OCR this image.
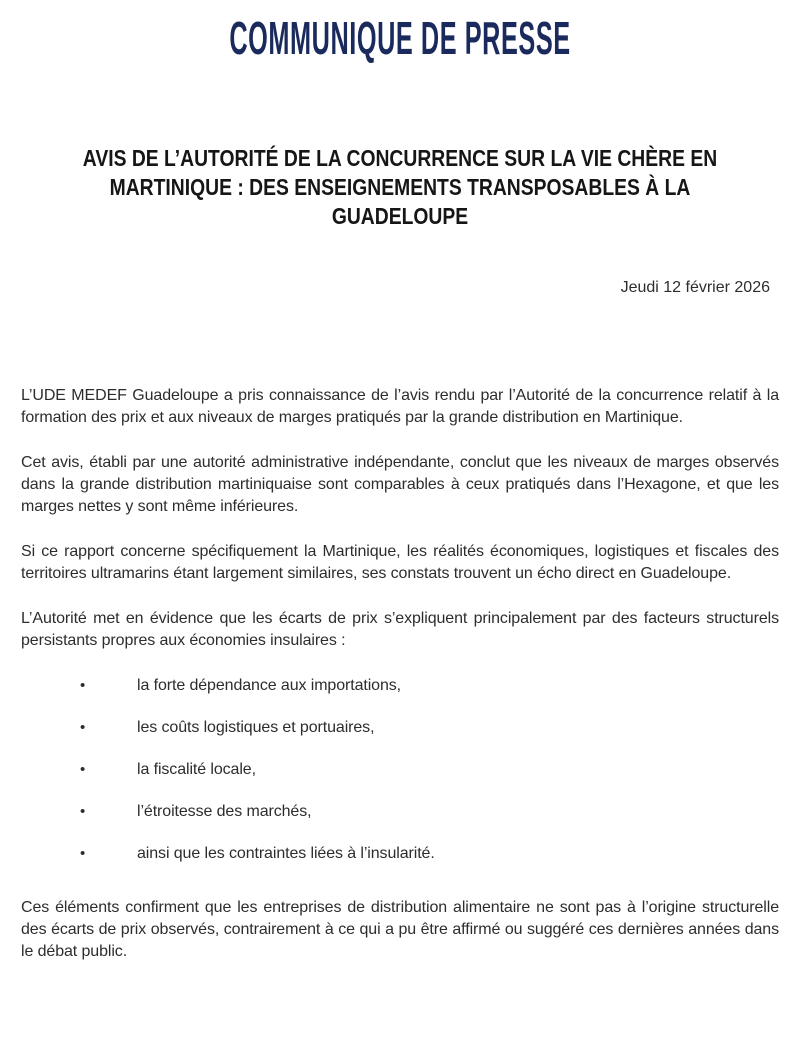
COMMUNIQUE DE PRESSE
AVIS DE L’AUTORITÉ DE LA CONCURRENCE SUR LA VIE CHÈRE EN
MARTINIQUE : DES ENSEIGNEMENTS TRANSPOSABLES À LA
GUADELOUPE
Jeudi 12 février 2026

L’UDE MEDEF Guadeloupe a pris connaissance de l’avis rendu par l’Autorité de la concurrence relatif à la formation des prix et aux niveaux de marges pratiqués par la grande distribution en Martinique.

Cet avis, établi par une autorité administrative indépendante, conclut que les niveaux de marges observés dans la grande distribution martiniquaise sont comparables à ceux pratiqués dans l’Hexagone, et que les marges nettes y sont même inférieures.

Si ce rapport concerne spécifiquement la Martinique, les réalités économiques, logistiques et fiscales des territoires ultramarins étant largement similaires, ses constats trouvent un écho direct en Guadeloupe.

L’Autorité met en évidence que les écarts de prix s’expliquent principalement par des facteurs structurels persistants propres aux économies insulaires :

•	la forte dépendance aux importations,
•	les coûts logistiques et portuaires,
•	la fiscalité locale,
•	l’étroitesse des marchés,
•	ainsi que les contraintes liées à l’insularité.

Ces éléments confirment que les entreprises de distribution alimentaire ne sont pas à l’origine structurelle des écarts de prix observés, contrairement à ce qui a pu être affirmé ou suggéré ces dernières années dans le débat public.
